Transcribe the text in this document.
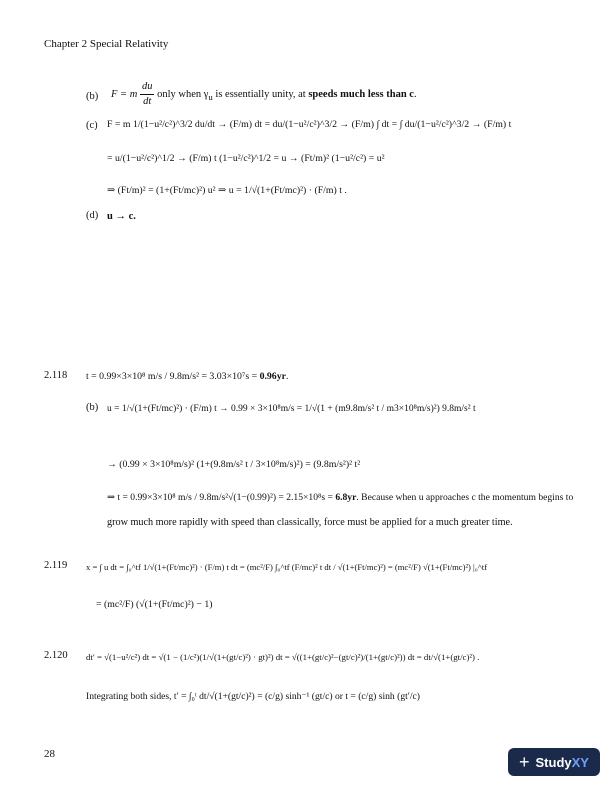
Chapter 2 Special Relativity
(b) F = m $\frac{du}{dt}$ only when $\gamma_u$ is essentially unity, at speeds much less than c.
(c) F = m 1/(1−u²/c²)^3/2 du/dt → (F/m) dt = du/(1−u²/c²)^3/2 → (F/m) ∫ dt = ∫ du/(1−u²/c²)^3/2 → (F/m) t
= u/(1−u²/c²)^1/2 → (F/m) t (1−u²/c²)^1/2 = u → (Ft/m)² (1−u²/c²) = u²
⇒ (Ft/m)² = (1+(Ft/mc)²) u² ⇒ u = 1/√(1+(Ft/mc)²) · (F/m) t .
(d) u → c.
2.118 t = 0.99×3×10⁸ m/s / 9.8m/s² = 3.03×10⁷s = 0.96yr.
(b) u = 1/√(1+(Ft/mc)²) · (F/m) t → 0.99 × 3×10⁸m/s = 1/√(1 + (m9.8m/s² t / m3×10⁸m/s)²) 9.8m/s² t
→ (0.99 × 3×10⁸m/s)² (1+(9.8m/s² t / 3×10⁸m/s)²) = (9.8m/s²)² t²
⇒ t = 0.99×3×10⁸ m/s / 9.8m/s²√(1−(0.99)²) = 2.15×10⁸s = 6.8yr. Because when u approaches c the momentum begins to
grow much more rapidly with speed than classically, force must be applied for a much greater time.
2.119 x = ∫ u dt = ∫₀^tf 1/√(1+(Ft/mc)²) · (F/m) t dt = (mc²/F) ∫₀^tf (F/mc)² t dt / √(1+(Ft/mc)²) = (mc²/F) √(1+(Ft/mc)²) |₀^tf
= (mc²/F) (√(1+(Ft/mc)²) − 1)
2.120 dt′ = √(1−u²/c²) dt = √(1 − (1/c²)(1/√(1+(gt/c)²) · gt)²) dt = √((1+(gt/c)²−(gt/c)²)/(1+(gt/c)²)) dt = dt/√(1+(gt/c)²) .
Integrating both sides, t′ = ∫₀ᵗ dt/√(1+(gt/c)²) = (c/g) sinh⁻¹ (gt/c) or t = (c/g) sinh (gt′/c)
28	+ StudyXY
